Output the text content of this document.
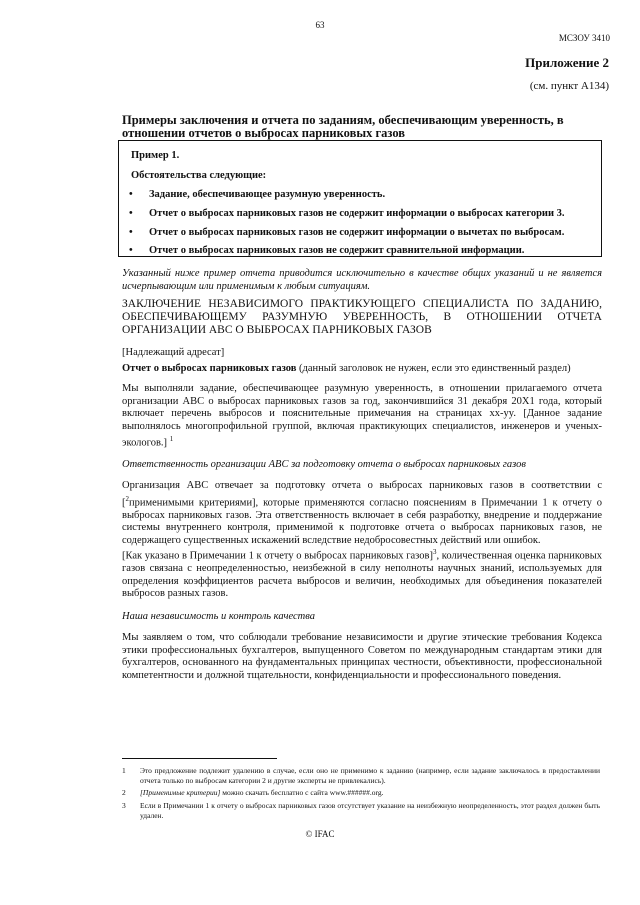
63
МСЗОУ 3410
Приложение 2
(см. пункт A134)
Примеры заключения и отчета по заданиям, обеспечивающим уверенность, в отношении отчетов о выбросах парниковых газов
Пример 1.
Обстоятельства следующие:
• Задание, обеспечивающее разумную уверенность.
• Отчет о выбросах парниковых газов не содержит информации о выбросах категории 3.
• Отчет о выбросах парниковых газов не содержит информации о вычетах по выбросам.
• Отчет о выбросах парниковых газов не содержит сравнительной информации.
Указанный ниже пример отчета приводится исключительно в качестве общих указаний и не является исчерпывающим или применимым к любым ситуациям.
ЗАКЛЮЧЕНИЕ НЕЗАВИСИМОГО ПРАКТИКУЮЩЕГО СПЕЦИАЛИСТА ПО ЗАДАНИЮ, ОБЕСПЕЧИВАЮЩЕМУ РАЗУМНУЮ УВЕРЕННОСТЬ, В ОТНОШЕНИИ ОТЧЕТА ОРГАНИЗАЦИИ ABC О ВЫБРОСАХ ПАРНИКОВЫХ ГАЗОВ
[Надлежащий адресат]
Отчет о выбросах парниковых газов (данный заголовок не нужен, если это единственный раздел)
Мы выполняли задание, обеспечивающее разумную уверенность, в отношении прилагаемого отчета организации ABC о выбросах парниковых газов за год, закончившийся 31 декабря 20X1 года, который включает перечень выбросов и пояснительные примечания на страницах xx-yy. [Данное задание выполнялось многопрофильной группой, включая практикующих специалистов, инженеров и ученых-экологов.] $^1$
Ответственность организации ABC за подготовку отчета о выбросах парниковых газов
Организация ABC отвечает за подготовку отчета о выбросах парниковых газов в соответствии с [$^2$применимыми критериями], которые применяются согласно пояснениям в Примечании 1 к отчету о выбросах парниковых газов. Эта ответственность включает в себя разработку, внедрение и поддержание системы внутреннего контроля, применимой к подготовке отчета о выбросах парниковых газов, не содержащего существенных искажений вследствие недобросовестных действий или ошибок.
[Как указано в Примечании 1 к отчету о выбросах парниковых газов]$^3$, количественная оценка парниковых газов связана с неопределенностью, неизбежной в силу неполноты научных знаний, используемых для определения коэффициентов расчета выбросов и величин, необходимых для объединения показателей выбросов разных газов.
Наша независимость и контроль качества
Мы заявляем о том, что соблюдали требование независимости и другие этические требования Кодекса этики профессиональных бухгалтеров, выпущенного Советом по международным стандартам этики для бухгалтеров, основанного на фундаментальных принципах честности, объективности, профессиональной компетентности и должной тщательности, конфиденциальности и профессионального поведения.
1 Это предложение подлежит удалению в случае, если оно не применимо к заданию (например, если задание заключалось в предоставлении отчета только по выбросам категории 2 и другие эксперты не привлекались).
2 [Применимые критерии] можно скачать бесплатно с сайта www.######.org.
3 Если в Примечании 1 к отчету о выбросах парниковых газов отсутствует указание на неизбежную неопределенность, этот раздел должен быть удален.
© IFAC
